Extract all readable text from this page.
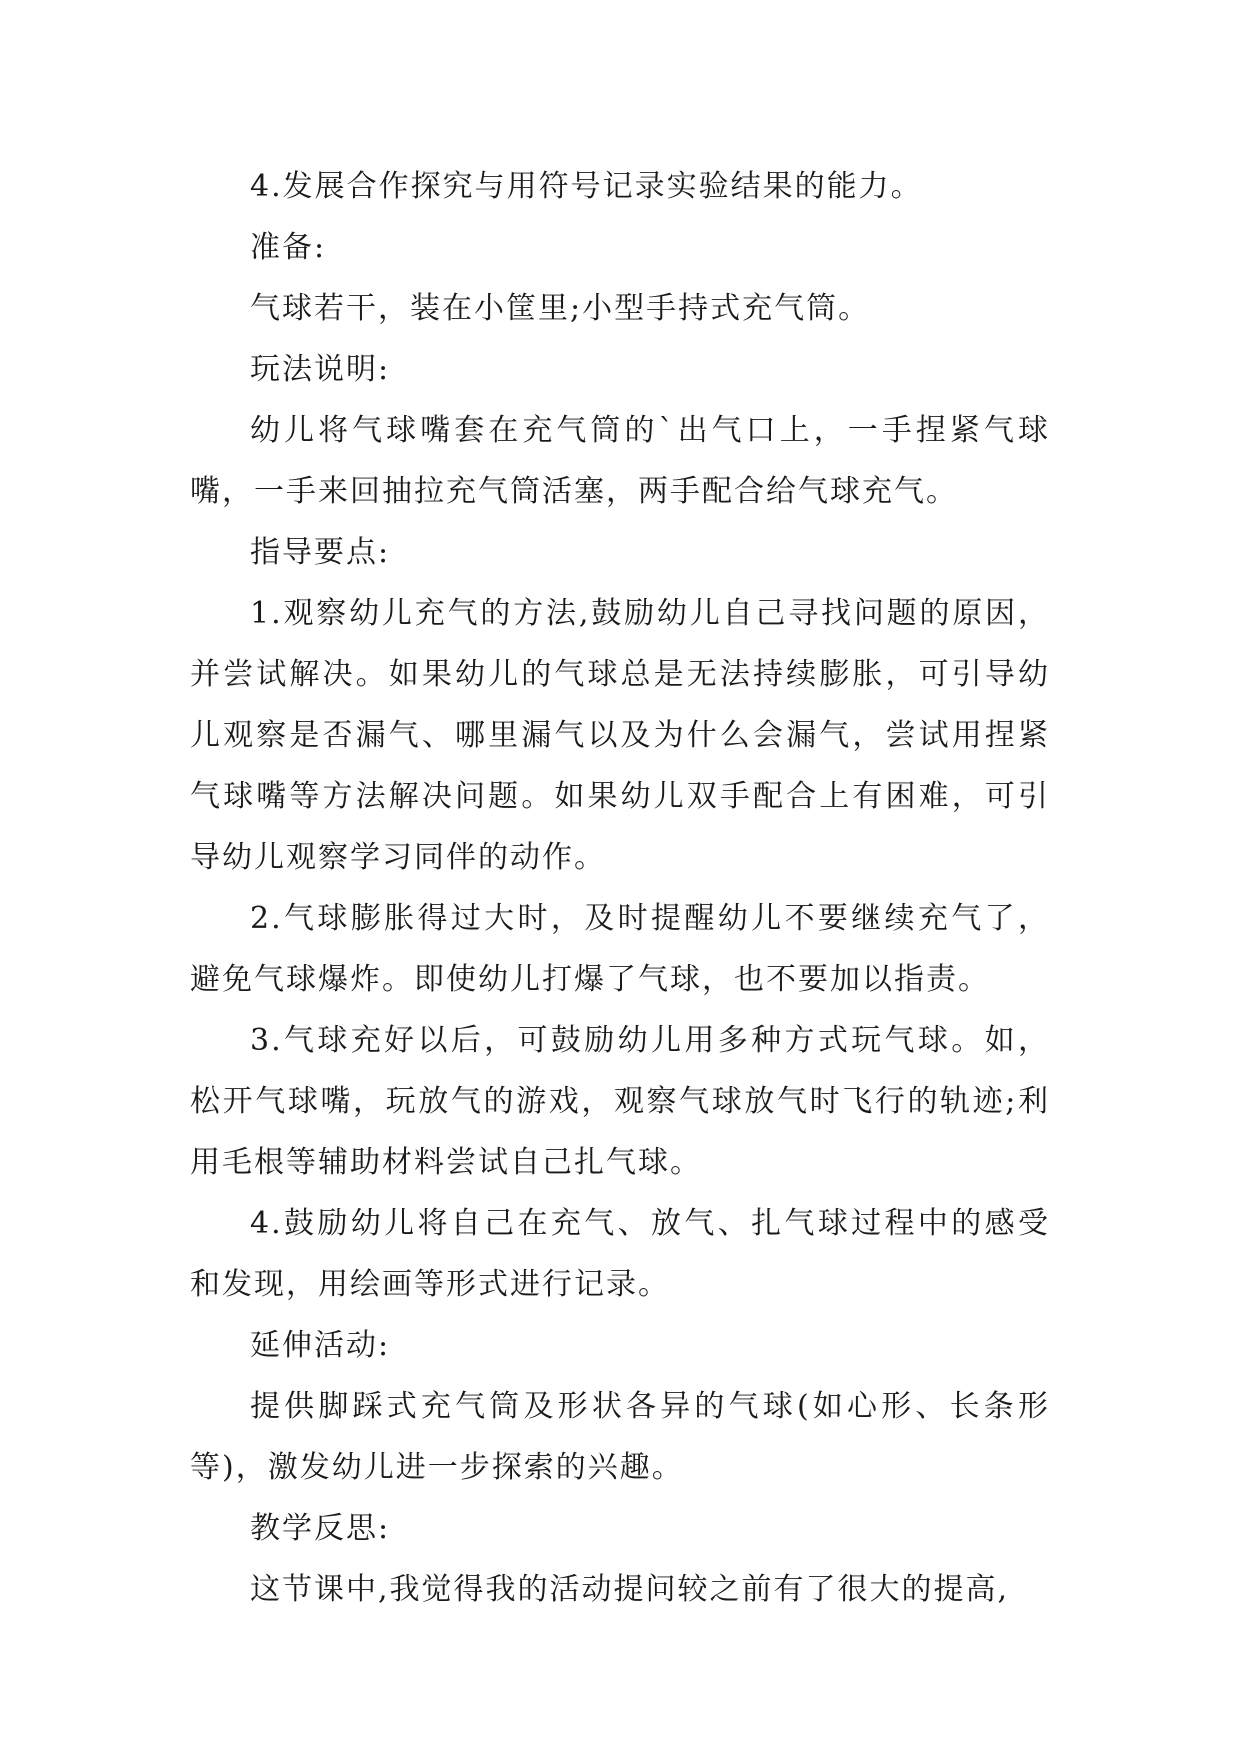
4.发展合作探究与用符号记录实验结果的能力。

准备:

气球若干，装在小筐里;小型手持式充气筒。

玩法说明:

幼儿将气球嘴套在充气筒的`出气口上，一手捏紧气球嘴，一手来回抽拉充气筒活塞，两手配合给气球充气。

指导要点:

1.观察幼儿充气的方法,鼓励幼儿自己寻找问题的原因，并尝试解决。如果幼儿的气球总是无法持续膨胀，可引导幼儿观察是否漏气、哪里漏气以及为什么会漏气，尝试用捏紧气球嘴等方法解决问题。如果幼儿双手配合上有困难，可引导幼儿观察学习同伴的动作。

2.气球膨胀得过大时，及时提醒幼儿不要继续充气了，避免气球爆炸。即使幼儿打爆了气球，也不要加以指责。

3.气球充好以后，可鼓励幼儿用多种方式玩气球。如，松开气球嘴，玩放气的游戏，观察气球放气时飞行的轨迹;利用毛根等辅助材料尝试自己扎气球。

4.鼓励幼儿将自己在充气、放气、扎气球过程中的感受和发现，用绘画等形式进行记录。

延伸活动:

提供脚踩式充气筒及形状各异的气球(如心形、长条形等)，激发幼儿进一步探索的兴趣。

教学反思:

这节课中,我觉得我的活动提问较之前有了很大的提高,
